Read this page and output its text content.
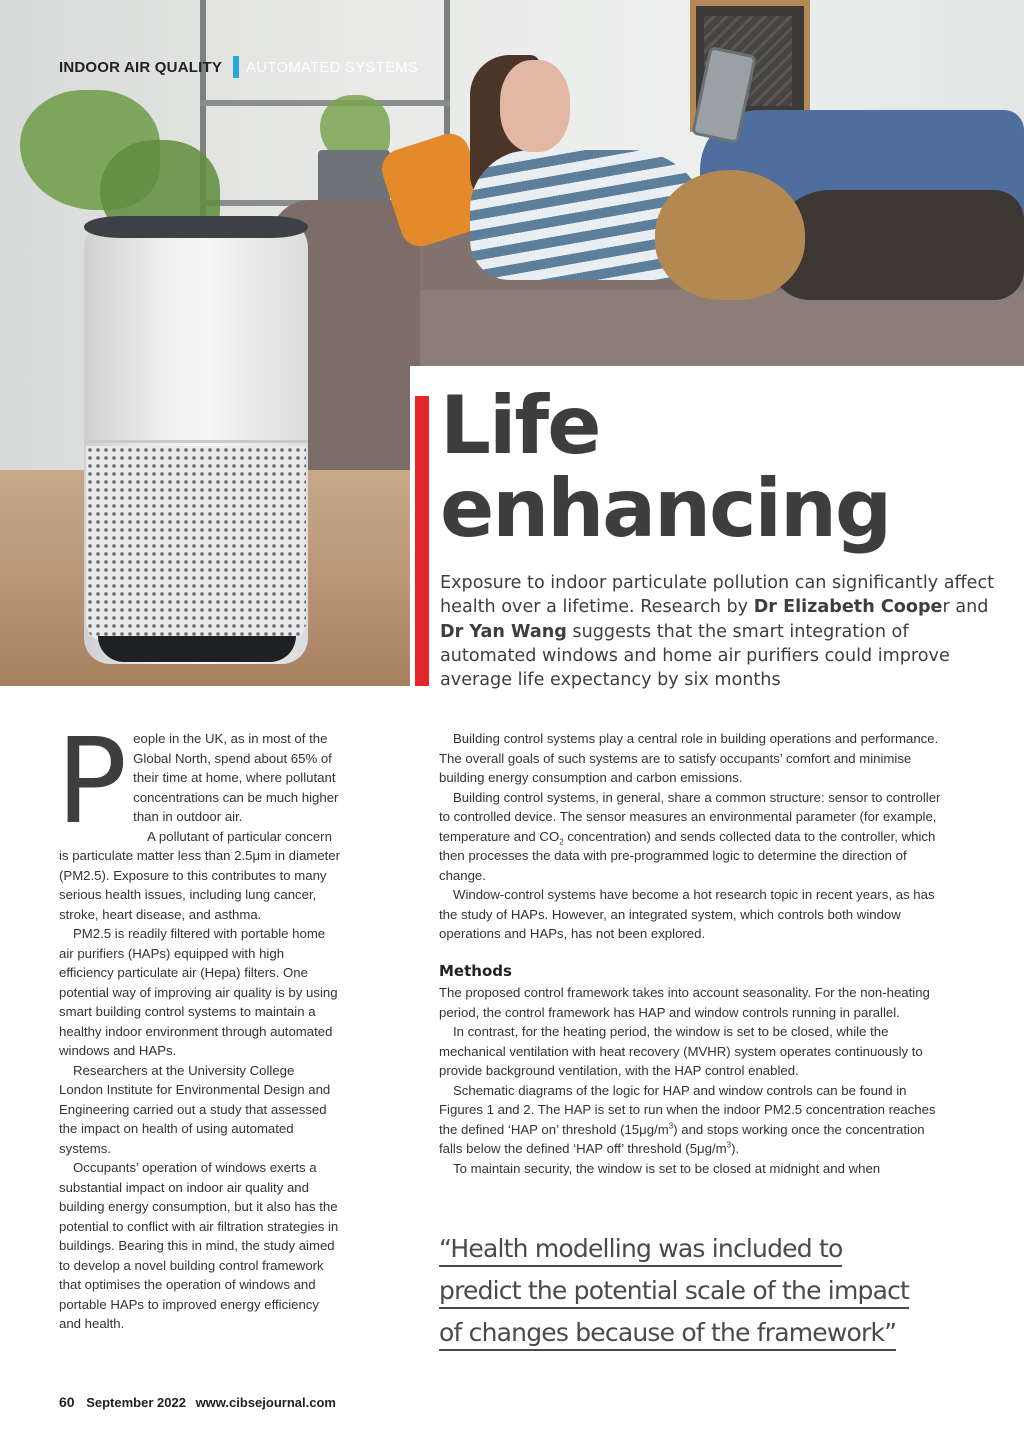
INDOOR AIR QUALITY AUTOMATED SYSTEMS
Life
enhancing

Exposure to indoor particulate pollution can significantly affect health over a lifetime. Research by Dr Elizabeth Cooper and Dr Yan Wang suggests that the smart integration of automated windows and home air purifiers could improve average life expectancy by six months

P eople in the UK, as in most of the Global North, spend about 65% of their time at home, where pollutant concentrations can be much higher than in outdoor air.

A pollutant of particular concern is particulate matter less than 2.5μm in diameter (PM2.5). Exposure to this contributes to many serious health issues, including lung cancer, stroke, heart disease, and asthma.

PM2.5 is readily filtered with portable home air purifiers (HAPs) equipped with high efficiency particulate air (Hepa) filters. One potential way of improving air quality is by using smart building control systems to maintain a healthy indoor environment through automated windows and HAPs.

Researchers at the University College London Institute for Environmental Design and Engineering carried out a study that assessed the impact on health of using automated systems.

Occupants’ operation of windows exerts a substantial impact on indoor air quality and building energy consumption, but it also has the potential to conflict with air filtration strategies in buildings. Bearing this in mind, the study aimed to develop a novel building control framework that optimises the operation of windows and portable HAPs to improved energy efficiency and health.

Building control systems play a central role in building operations and performance. The overall goals of such systems are to satisfy occupants’ comfort and minimise building energy consumption and carbon emissions.

Building control systems, in general, share a common structure: sensor to controller to controlled device. The sensor measures an environmental parameter (for example, temperature and $CO_2$ concentration) and sends collected data to the controller, which then processes the data with pre-programmed logic to determine the direction of change.

Window-control systems have become a hot research topic in recent years, as has the study of HAPs. However, an integrated system, which controls both window operations and HAPs, has not been explored.

Methods

The proposed control framework takes into account seasonality. For the non-heating period, the control framework has HAP and window controls running in parallel.

In contrast, for the heating period, the window is set to be closed, while the mechanical ventilation with heat recovery (MVHR) system operates continuously to provide background ventilation, with the HAP control enabled.

Schematic diagrams of the logic for HAP and window controls can be found in Figures 1 and 2. The HAP is set to run when the indoor PM2.5 concentration reaches the defined ‘HAP on’ threshold $(15\mu g/m^3)$ and stops working once the concentration falls below the defined ‘HAP off’ threshold $(5\mu g/m^3)$.

To maintain security, the window is set to be closed at midnight and when

“Health modelling was included to
predict the potential scale of the impact
of changes because of the framework”
60 September 2022 www.cibsejournal.com
